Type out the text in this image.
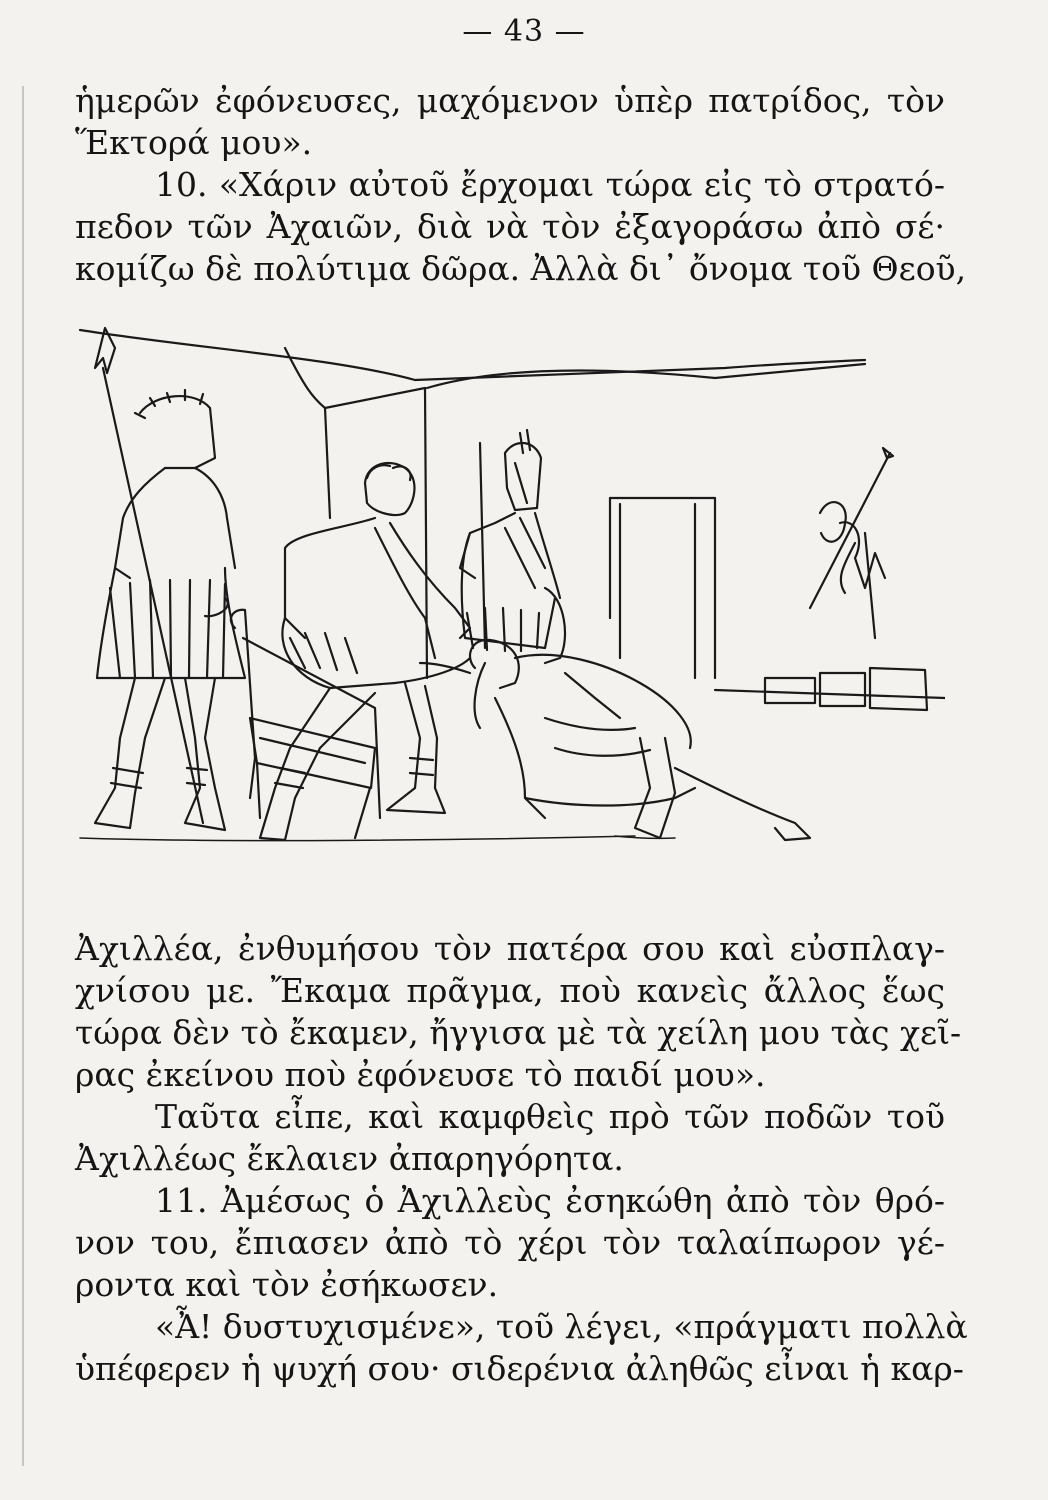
— 43 —
ἡμερῶν ἐφόνευσες, μαχόμενον ὑπὲρ πατρίδος, τὸν
Ἕκτορά μου».
10. «Χάριν αὐτοῦ ἔρχομαι τώρα εἰς τὸ στρατό-
πεδον τῶν Ἀχαιῶν, διὰ νὰ τὸν ἐξαγοράσω ἀπὸ σέ·
κομίζω δὲ πολύτιμα δῶρα. Ἀλλὰ δι᾽ ὄνομα τοῦ Θεοῦ,
Ἀχιλλέα, ἐνθυμήσου τὸν πατέρα σου καὶ εὐσπλαγ-
χνίσου με. Ἔκαμα πρᾶγμα, ποὺ κανεὶς ἄλλος ἕως
τώρα δὲν τὸ ἔκαμεν, ἤγγισα μὲ τὰ χείλη μου τὰς χεῖ-
ρας ἐκείνου ποὺ ἐφόνευσε τὸ παιδί μου».
Ταῦτα εἶπε, καὶ καμφθεὶς πρὸ τῶν ποδῶν τοῦ
Ἀχιλλέως ἔκλαιεν ἀπαρηγόρητα.
11. Ἀμέσως ὁ Ἀχιλλεὺς ἐσηκώθη ἀπὸ τὸν θρό-
νον του, ἔπιασεν ἀπὸ τὸ χέρι τὸν ταλαίπωρον γέ-
ροντα καὶ τὸν ἐσήκωσεν.
«Ἆ! δυστυχισμένε», τοῦ λέγει, «πράγματι πολλὰ
ὑπέφερεν ἡ ψυχή σου· σιδερένια ἀληθῶς εἶναι ἡ καρ-
